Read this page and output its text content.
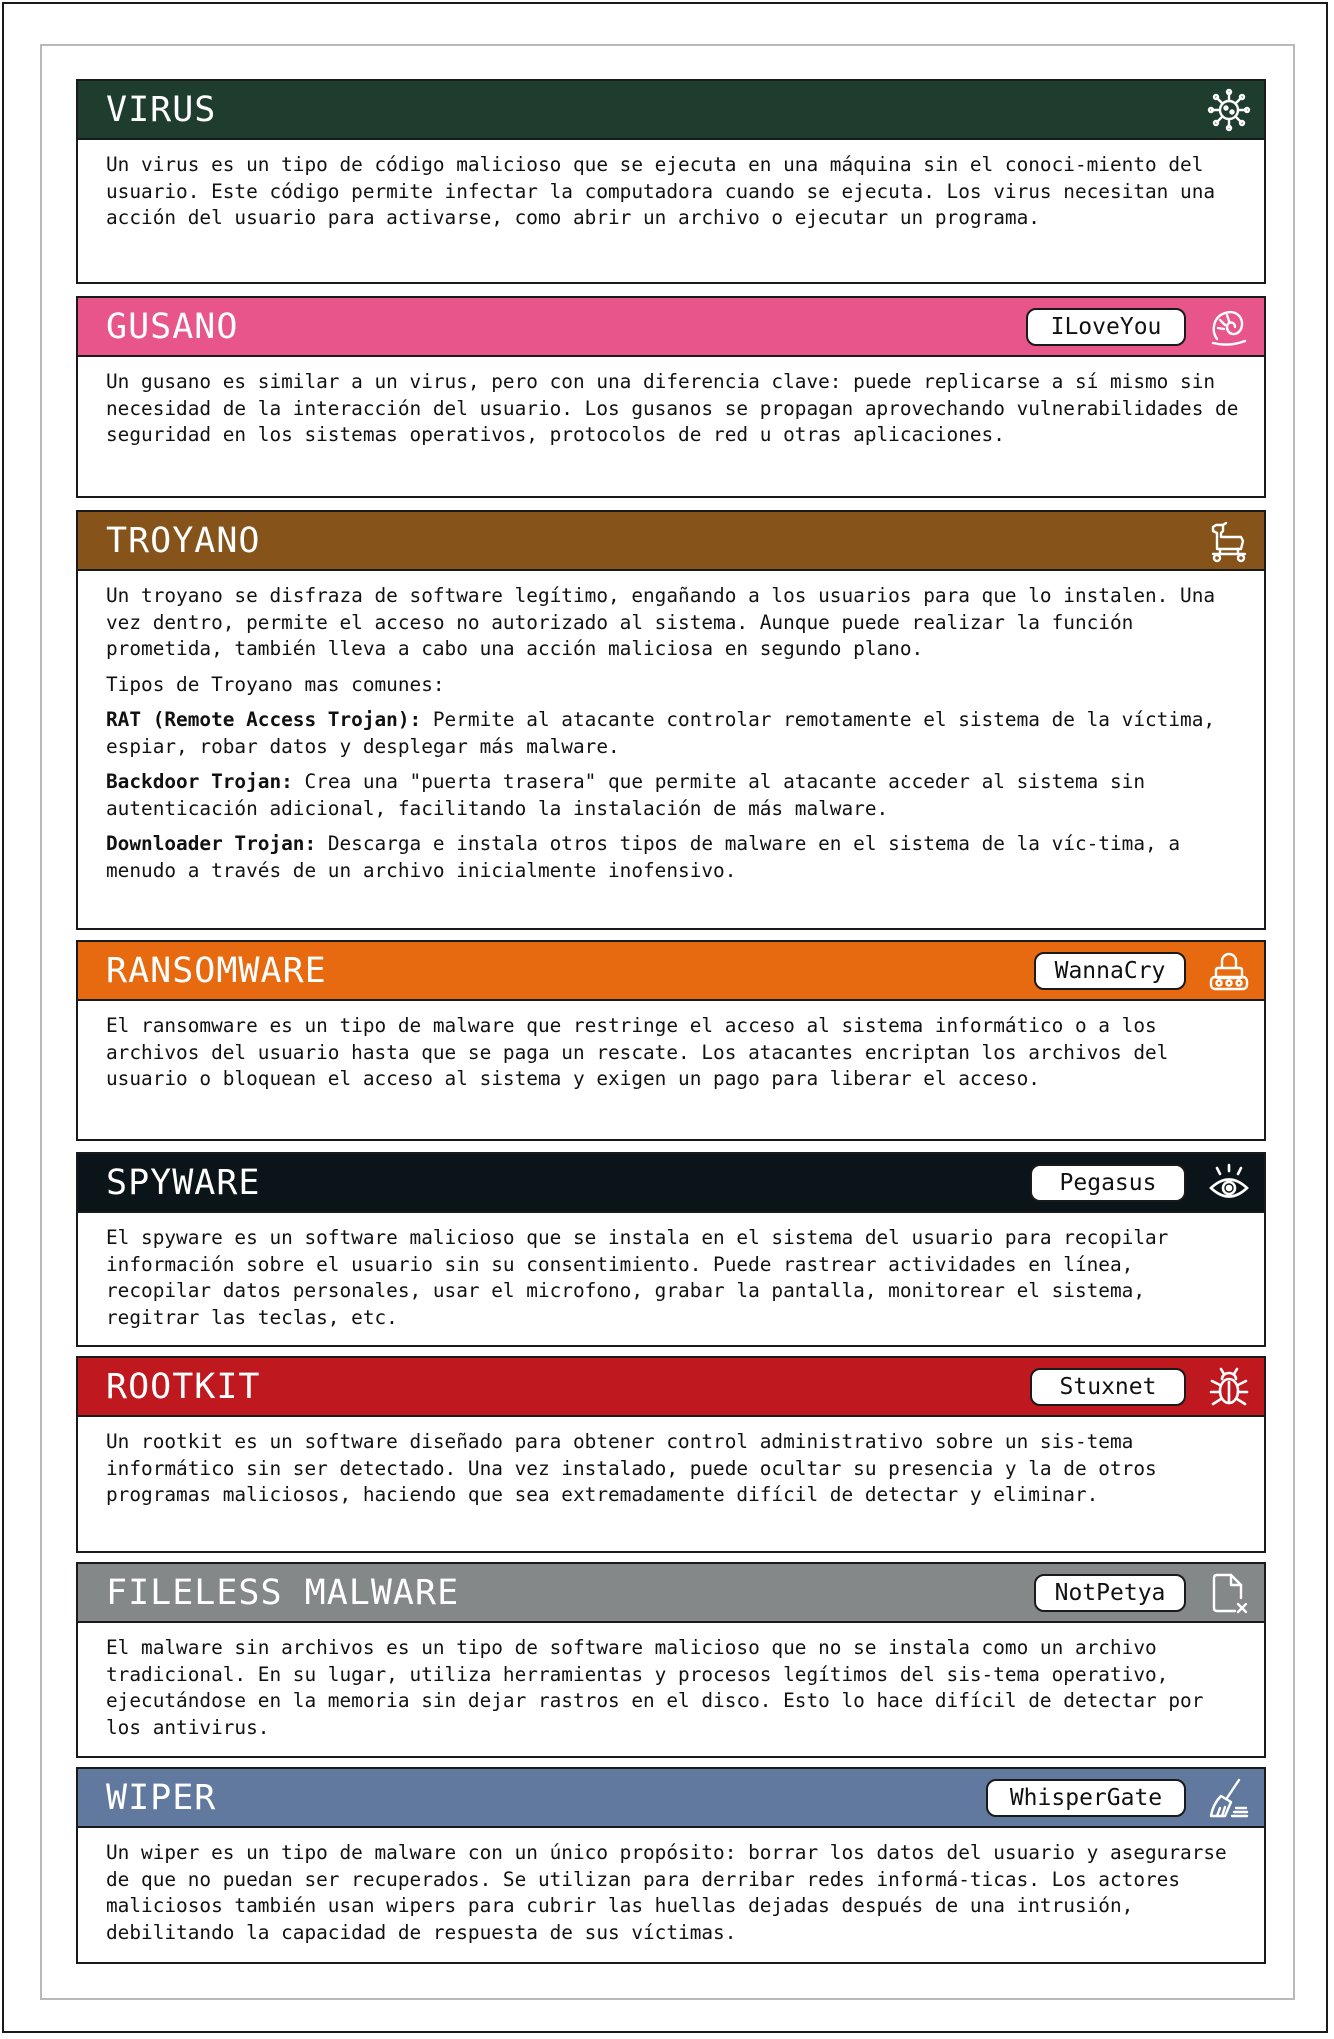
VIRUS

Un virus es un tipo de código malicioso que se ejecuta en una máquina sin el conoci-miento del usuario. Este código permite infectar la computadora cuando se ejecuta. Los virus necesitan una acción del usuario para activarse, como abrir un archivo o ejecutar un programa.

GUSANO	ILoveYou

Un gusano es similar a un virus, pero con una diferencia clave: puede replicarse a sí mismo sin necesidad de la interacción del usuario. Los gusanos se propagan aprovechando vulnerabilidades de seguridad en los sistemas operativos, protocolos de red u otras aplicaciones.

TROYANO

Un troyano se disfraza de software legítimo, engañando a los usuarios para que lo instalen. Una vez dentro, permite el acceso no autorizado al sistema. Aunque puede realizar la función prometida, también lleva a cabo una acción maliciosa en segundo plano.

Tipos de Troyano mas comunes:

RAT (Remote Access Trojan): Permite al atacante controlar remotamente el sistema de la víctima, espiar, robar datos y desplegar más malware.

Backdoor Trojan: Crea una "puerta trasera" que permite al atacante acceder al sistema sin autenticación adicional, facilitando la instalación de más malware.

Downloader Trojan: Descarga e instala otros tipos de malware en el sistema de la víc-tima, a menudo a través de un archivo inicialmente inofensivo.

RANSOMWARE	WannaCry

El ransomware es un tipo de malware que restringe el acceso al sistema informático o a los archivos del usuario hasta que se paga un rescate. Los atacantes encriptan los archivos del usuario o bloquean el acceso al sistema y exigen un pago para liberar el acceso.

SPYWARE	Pegasus

El spyware es un software malicioso que se instala en el sistema del usuario para recopilar información sobre el usuario sin su consentimiento. Puede rastrear actividades en línea, recopilar datos personales, usar el microfono, grabar la pantalla, monitorear el sistema, regitrar las teclas, etc.

ROOTKIT	Stuxnet

Un rootkit es un software diseñado para obtener control administrativo sobre un sis-tema informático sin ser detectado. Una vez instalado, puede ocultar su presencia y la de otros programas maliciosos, haciendo que sea extremadamente difícil de detectar y eliminar.

FILELESS MALWARE	NotPetya

El malware sin archivos es un tipo de software malicioso que no se instala como un archivo tradicional. En su lugar, utiliza herramientas y procesos legítimos del sis-tema operativo, ejecutándose en la memoria sin dejar rastros en el disco. Esto lo hace difícil de detectar por los antivirus.

WIPER	WhisperGate

Un wiper es un tipo de malware con un único propósito: borrar los datos del usuario y asegurarse de que no puedan ser recuperados. Se utilizan para derribar redes informá-ticas. Los actores maliciosos también usan wipers para cubrir las huellas dejadas después de una intrusión, debilitando la capacidad de respuesta de sus víctimas.
